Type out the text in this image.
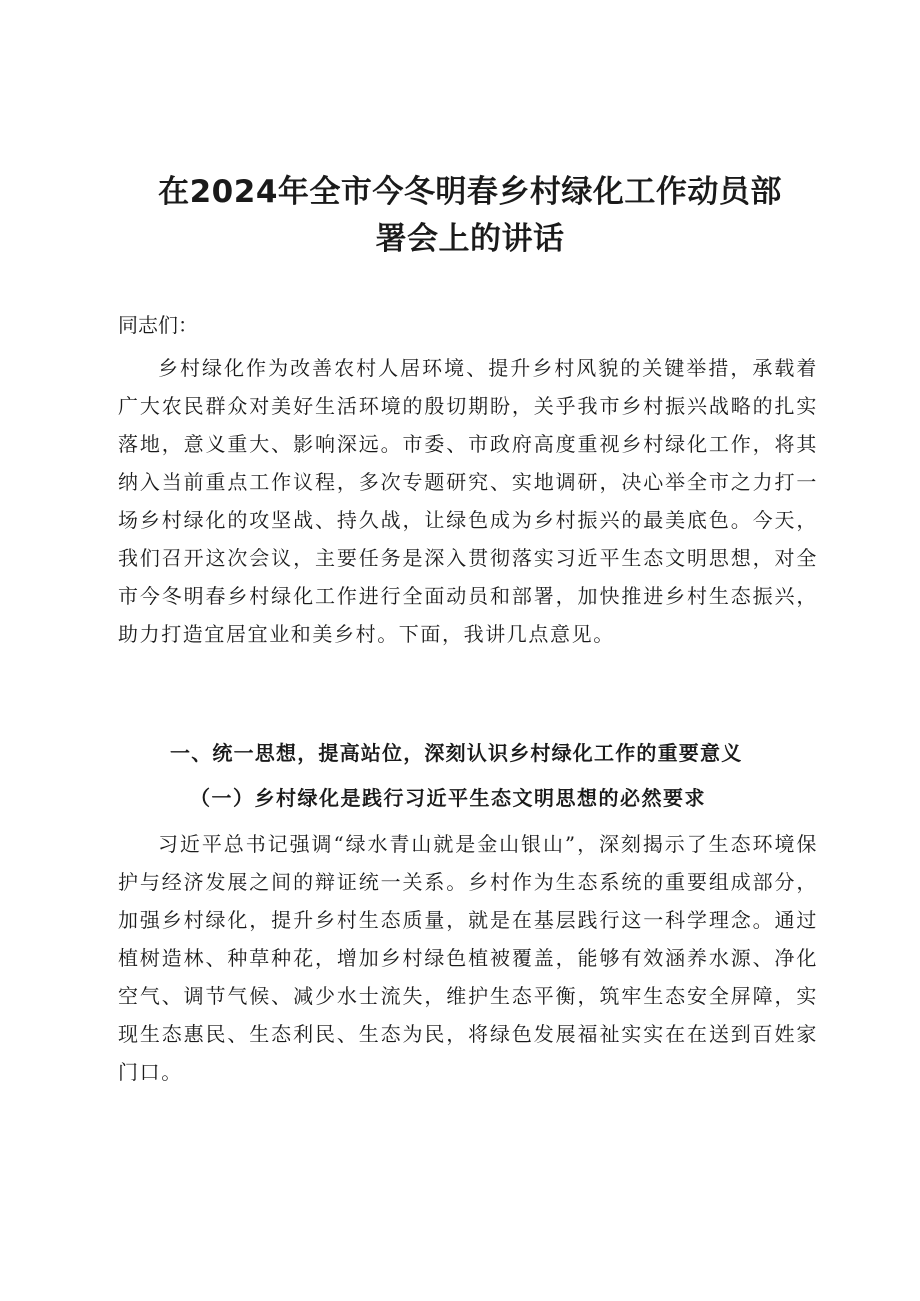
在2024年全市今冬明春乡村绿化工作动员部
署会上的讲话

同志们：

乡村绿化作为改善农村人居环境、提升乡村风貌的关键举措，承载着广大农民群众对美好生活环境的殷切期盼，关乎我市乡村振兴战略的扎实落地，意义重大、影响深远。市委、市政府高度重视乡村绿化工作，将其纳入当前重点工作议程，多次专题研究、实地调研，决心举全市之力打一场乡村绿化的攻坚战、持久战，让绿色成为乡村振兴的最美底色。今天，我们召开这次会议，主要任务是深入贯彻落实习近平生态文明思想，对全市今冬明春乡村绿化工作进行全面动员和部署，加快推进乡村生态振兴，助力打造宜居宜业和美乡村。下面，我讲几点意见。

一、统一思想，提高站位，深刻认识乡村绿化工作的重要意义
（一）乡村绿化是践行习近平生态文明思想的必然要求

习近平总书记强调“绿水青山就是金山银山”，深刻揭示了生态环境保护与经济发展之间的辩证统一关系。乡村作为生态系统的重要组成部分，加强乡村绿化，提升乡村生态质量，就是在基层践行这一科学理念。通过植树造林、种草种花，增加乡村绿色植被覆盖，能够有效涵养水源、净化空气、调节气候、减少水士流失，维护生态平衡，筑牢生态安全屏障，实现生态惠民、生态利民、生态为民，将绿色发展福祉实实在在送到百姓家门口。
